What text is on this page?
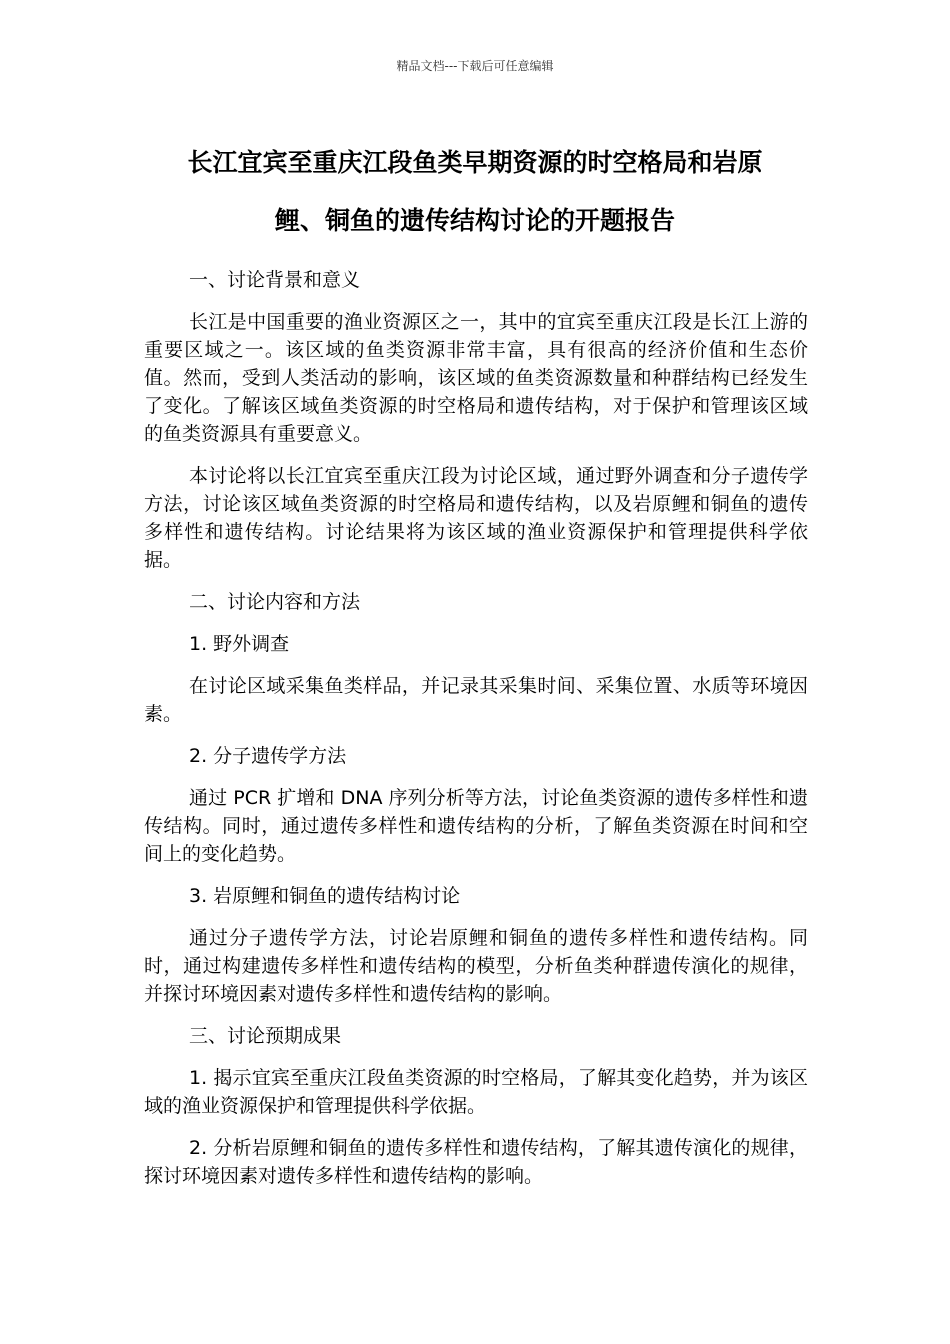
精品文档---下载后可任意编辑
长江宜宾至重庆江段鱼类早期资源的时空格局和岩原
鲤、铜鱼的遗传结构讨论的开题报告

一、讨论背景和意义

长江是中国重要的渔业资源区之一，其中的宜宾至重庆江段是长江上游的重要区域之一。该区域的鱼类资源非常丰富，具有很高的经济价值和生态价值。然而，受到人类活动的影响，该区域的鱼类资源数量和种群结构已经发生了变化。了解该区域鱼类资源的时空格局和遗传结构，对于保护和管理该区域的鱼类资源具有重要意义。

本讨论将以长江宜宾至重庆江段为讨论区域，通过野外调查和分子遗传学方法，讨论该区域鱼类资源的时空格局和遗传结构，以及岩原鲤和铜鱼的遗传多样性和遗传结构。讨论结果将为该区域的渔业资源保护和管理提供科学依据。

二、讨论内容和方法

1. 野外调查

在讨论区域采集鱼类样品，并记录其采集时间、采集位置、水质等环境因素。

2. 分子遗传学方法

通过 PCR 扩增和 DNA 序列分析等方法，讨论鱼类资源的遗传多样性和遗传结构。同时，通过遗传多样性和遗传结构的分析，了解鱼类资源在时间和空间上的变化趋势。

3. 岩原鲤和铜鱼的遗传结构讨论

通过分子遗传学方法，讨论岩原鲤和铜鱼的遗传多样性和遗传结构。同时，通过构建遗传多样性和遗传结构的模型，分析鱼类种群遗传演化的规律，并探讨环境因素对遗传多样性和遗传结构的影响。

三、讨论预期成果

1. 揭示宜宾至重庆江段鱼类资源的时空格局，了解其变化趋势，并为该区域的渔业资源保护和管理提供科学依据。

2. 分析岩原鲤和铜鱼的遗传多样性和遗传结构，了解其遗传演化的规律，探讨环境因素对遗传多样性和遗传结构的影响。
